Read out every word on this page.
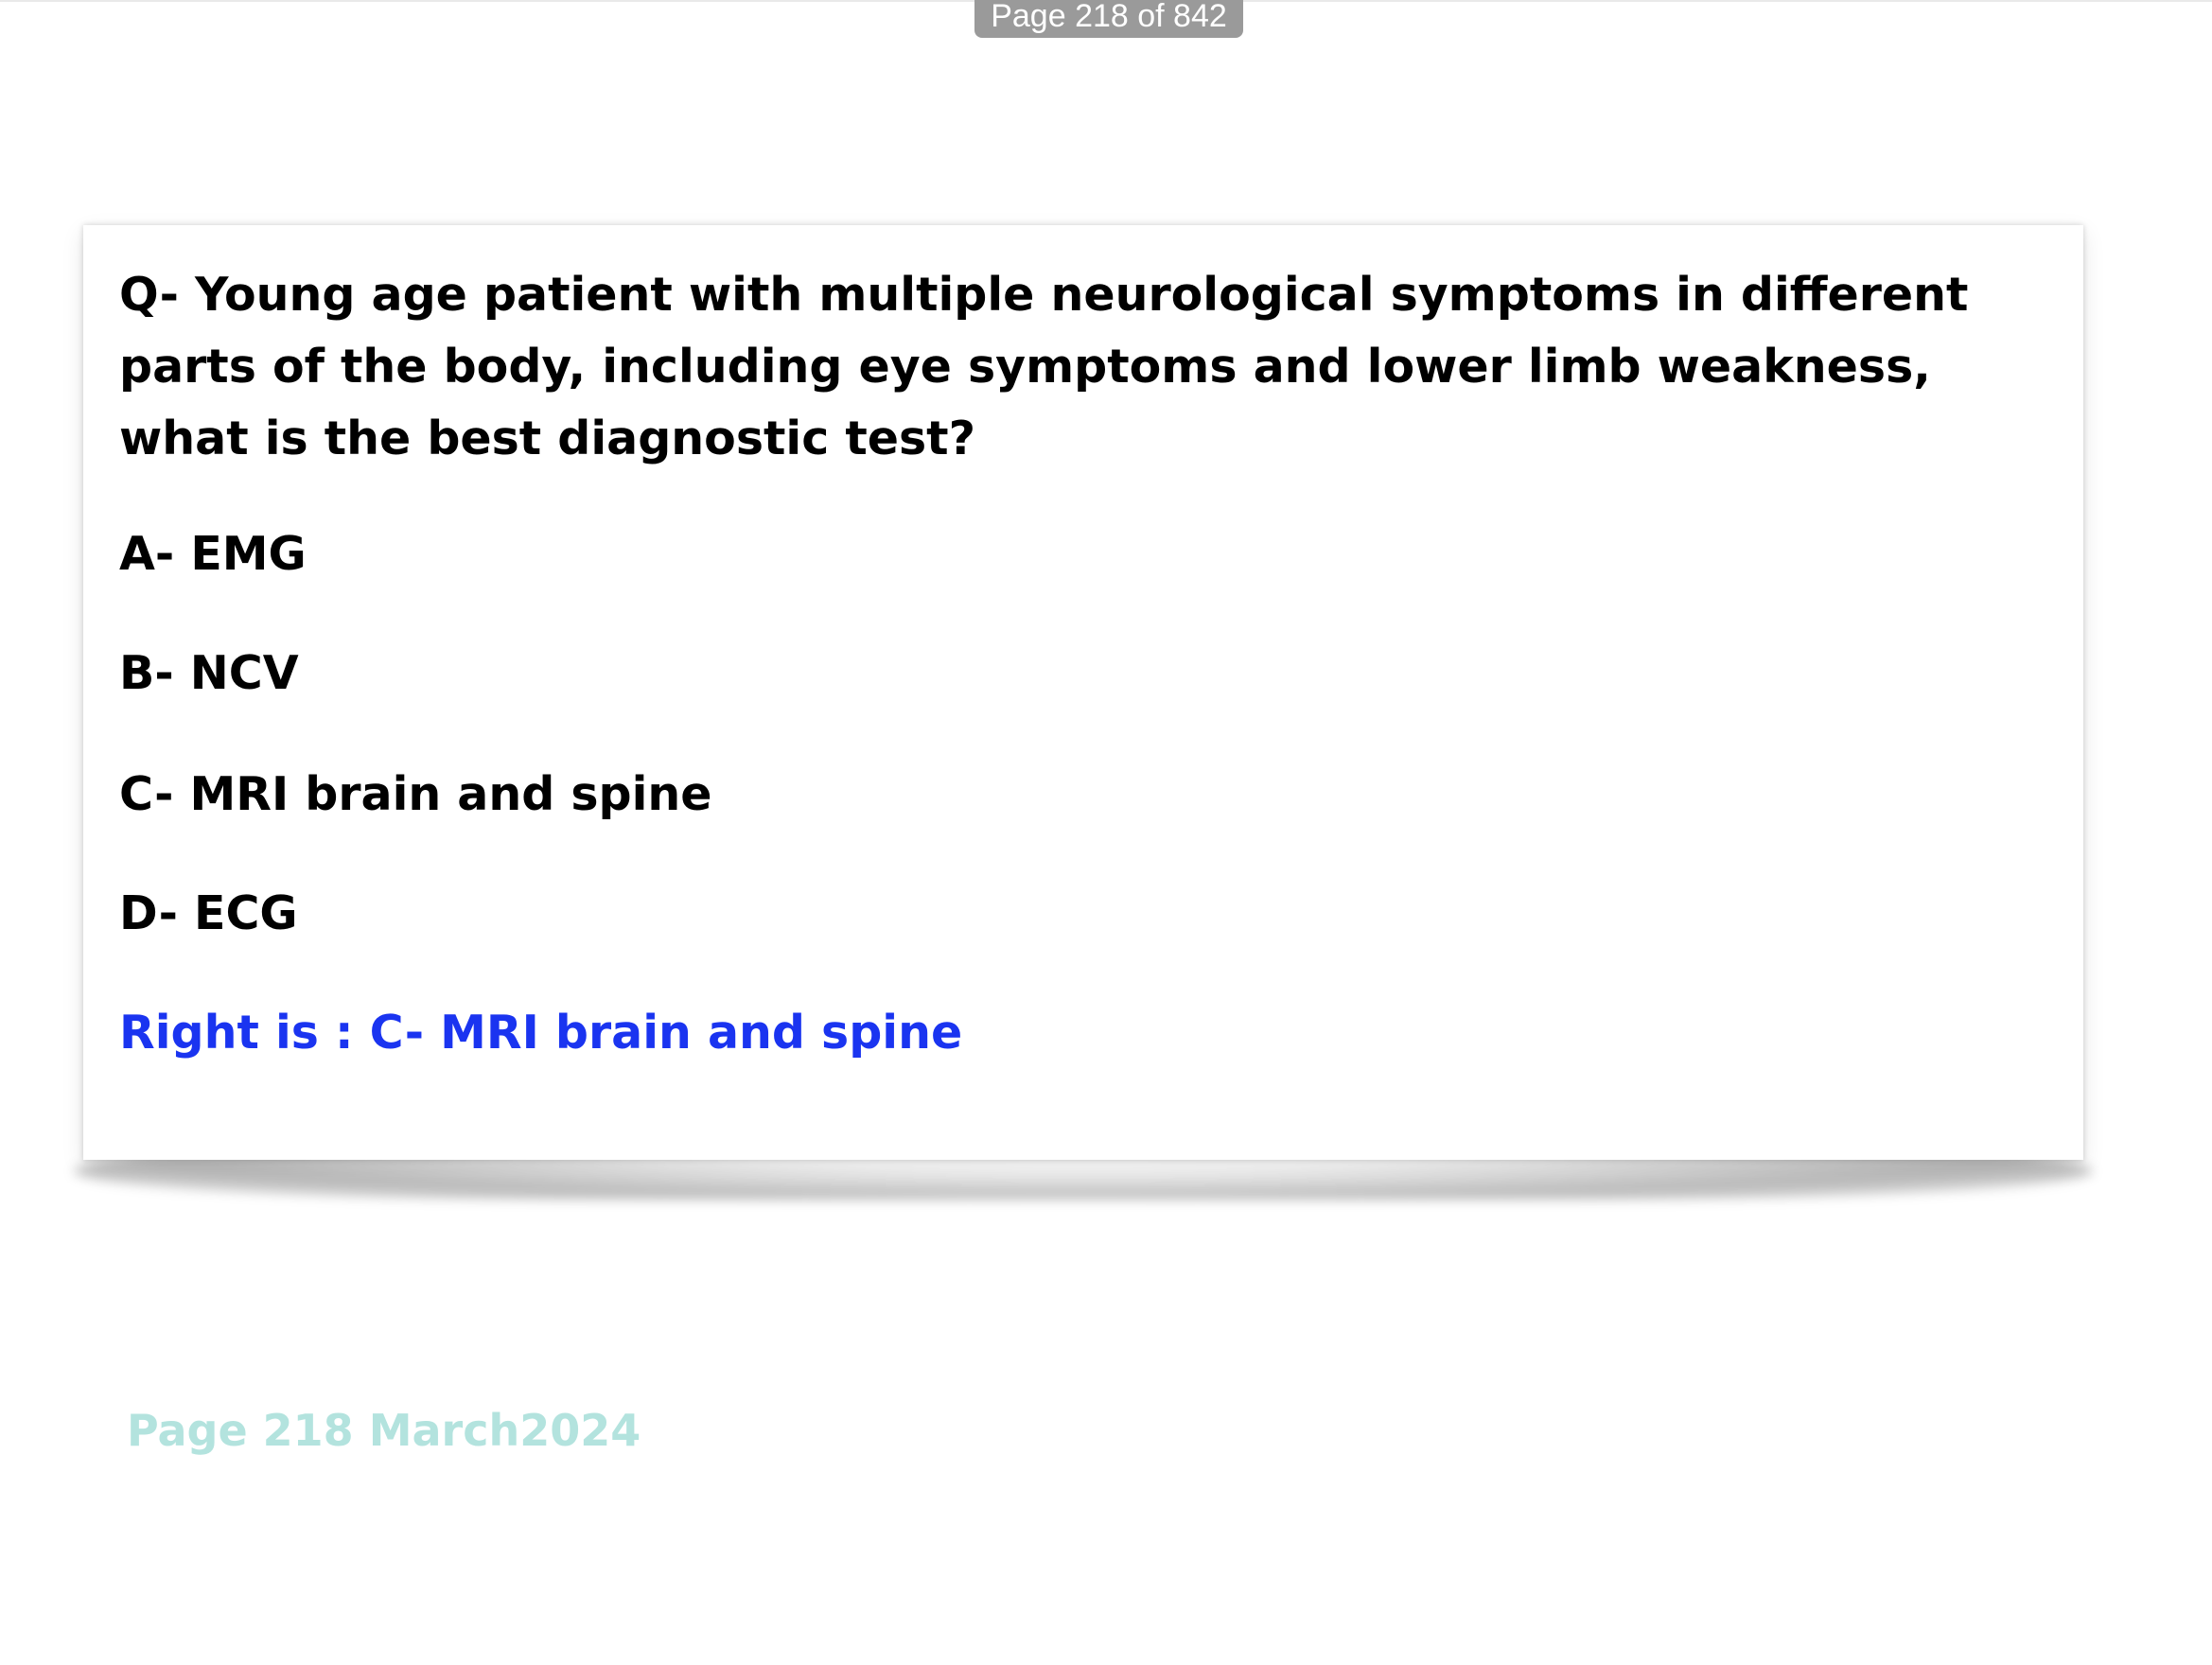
Page 218 of 842

Q- Young age patient with multiple neurological symptoms in different parts of the body, including eye symptoms and lower limb weakness, what is the best diagnostic test?

A- EMG

B- NCV

C- MRI brain and spine

D- ECG

Right is : C- MRI brain and spine
Page 218 March2024
